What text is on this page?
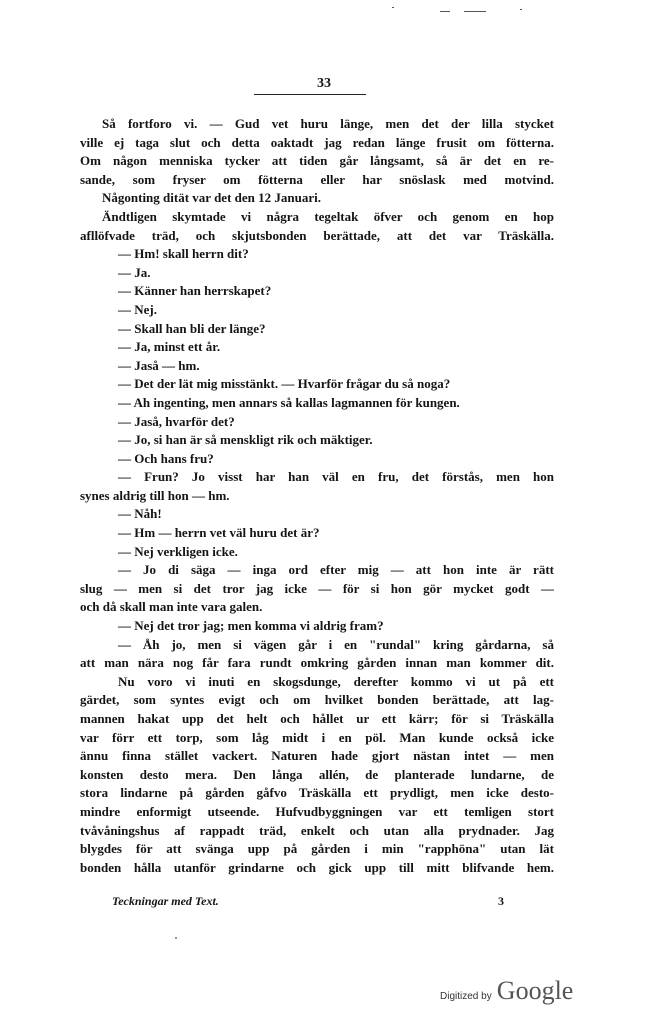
33
Så fortforo vi. — Gud vet huru länge, men det der lilla stycket
ville ej taga slut och detta oaktadt jag redan länge frusit om fötterna.
Om någon menniska tycker att tiden går långsamt, så är det en re-
sande, som fryser om fötterna eller har snöslask med motvind.
Någonting dität var det den 12 Januari.
Ändtligen skymtade vi några tegeltak öfver och genom en hop
afllöfvade träd, och skjutsbonden berättade, att det var Träskälla.
— Hm! skall herrn dit?
— Ja.
— Känner han herrskapet?
— Nej.
— Skall han bli der länge?
— Ja, minst ett år.
— Jaså — hm.
— Det der lät mig misstänkt. — Hvarför frågar du så noga?
— Ah ingenting, men annars så kallas lagmannen för kungen.
— Jaså, hvarför det?
— Jo, si han är så menskligt rik och mäktiger.
— Och hans fru?
— Frun? Jo visst har han väl en fru, det förstås, men hon
synes aldrig till hon — hm.
— Nåh!
— Hm — herrn vet väl huru det är?
— Nej verkligen icke.
— Jo di säga — inga ord efter mig — att hon inte är rätt
slug — men si det tror jag icke — för si hon gör mycket godt —
och då skall man inte vara galen.
— Nej det tror jag; men komma vi aldrig fram?
— Åh jo, men si vägen går i en "rundal" kring gårdarna, så
att man nära nog får fara rundt omkring gården innan man kommer dit.
Nu voro vi inuti en skogsdunge, derefter kommo vi ut på ett
gärdet, som syntes evigt och om hvilket bonden berättade, att lag-
mannen hakat upp det helt och hållet ur ett kärr; för si Träskälla
var förr ett torp, som låg midt i en pöl. Man kunde också icke
ännu finna stället vackert. Naturen hade gjort nästan intet — men
konsten desto mera. Den långa allén, de planterade lundarne, de
stora lindarne på gården gåfvo Träskälla ett prydligt, men icke desto-
mindre enformigt utseende. Hufvudbyggningen var ett temligen stort
tvåvåningshus af rappadt träd, enkelt och utan alla prydnader. Jag
blygdes för att svänga upp på gården i min "rapphöna" utan lät
bonden hålla utanför grindarne och gick upp till mitt blifvande hem.
Teckningar med Text.	3
Digitized by Google
